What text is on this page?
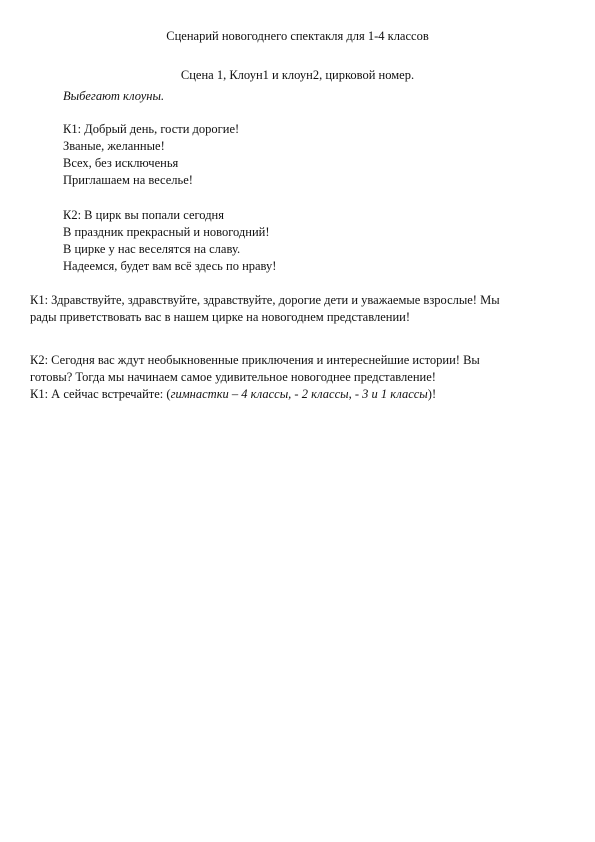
Сценарий новогоднего спектакля для 1-4 классов
Сцена 1, Клоун1 и клоун2, цирковой номер.
Выбегают клоуны.
К1: Добрый день, гости дорогие!
Званые, желанные!
Всех, без исключенья
Приглашаем на веселье!
К2: В цирк вы попали сегодня
В праздник прекрасный и новогодний!
В цирке у нас веселятся на славу.
Надеемся, будет вам всё здесь по нраву!
К1: Здравствуйте, здравствуйте, здравствуйте, дорогие дети и уважаемые взрослые! Мы
рады приветствовать вас в нашем цирке на новогоднем представлении!
К2: Сегодня вас ждут необыкновенные приключения и интереснейшие истории! Вы
готовы? Тогда мы начинаем самое удивительное новогоднее представление!
К1: А сейчас встречайте: (гимнастки – 4 классы, - 2 классы, - 3 и 1 классы)!
